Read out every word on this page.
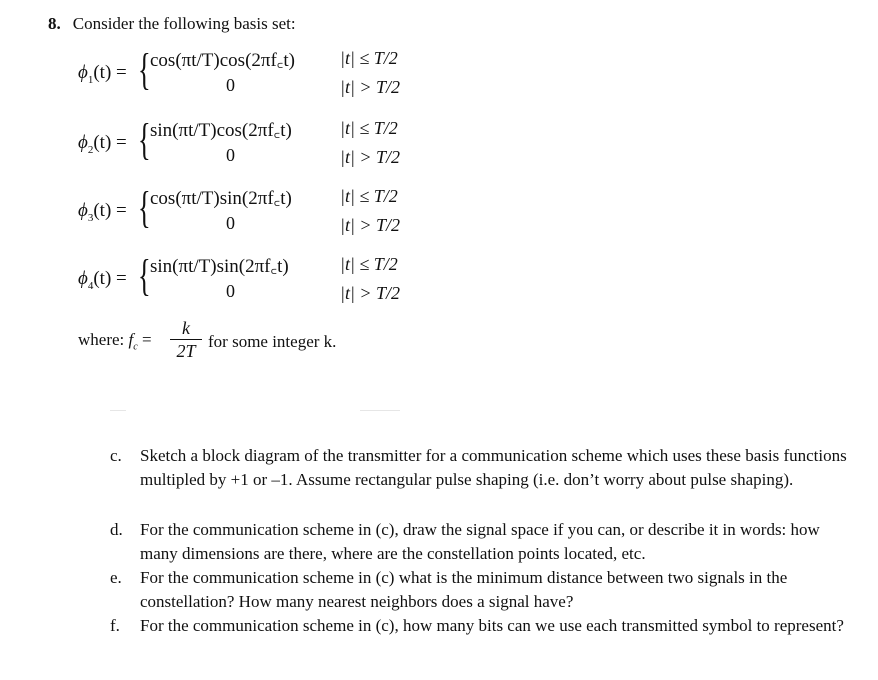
8. Consider the following basis set:
$\phi_1(t)$ = { cos(πt/T)cos(2πf꜀t)
0
|t| ≤ T/2
|t| > T/2
$\phi_2(t)$ = { sin(πt/T)cos(2πf꜀t)
0
|t| ≤ T/2
|t| > T/2
$\phi_3(t)$ = { cos(πt/T)sin(2πf꜀t)
0
|t| ≤ T/2
|t| > T/2
$\phi_4(t)$ = { sin(πt/T)sin(2πf꜀t)
0
|t| ≤ T/2
|t| > T/2
where: $f_c$ =
k
2T for some integer k.
c. Sketch a block diagram of the transmitter for a communication scheme which uses these basis functions multipled by +1 or –1. Assume rectangular pulse shaping (i.e. don’t worry about pulse shaping).
d. For the communication scheme in (c), draw the signal space if you can, or describe it in words: how many dimensions are there, where are the constellation points located, etc.
e. For the communication scheme in (c) what is the minimum distance between two signals in the constellation? How many nearest neighbors does a signal have?
f. For the communication scheme in (c), how many bits can we use each transmitted symbol to represent?
